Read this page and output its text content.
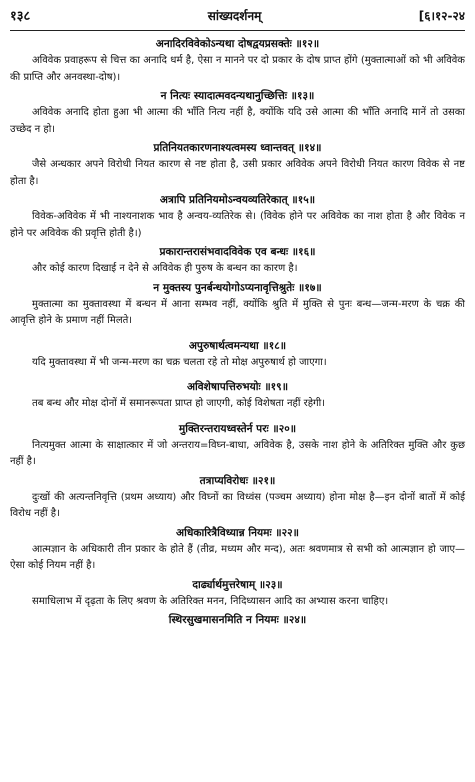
१३८	सांख्यदर्शनम्	[६।१२-२४
अनादिरविवेकोऽन्यथा दोषद्वयप्रसक्तेः ॥१२॥

अविवेक प्रवाहरूप से चित्त का अनादि धर्म है, ऐसा न मानने पर दो प्रकार के दोष प्राप्त होंगे (मुक्तात्माओं को भी अविवेक की प्राप्ति और अनवस्था-दोष)।

न नित्यः स्यादात्मवदन्यथानुच्छित्तिः ॥१३॥

अविवेक अनादि होता हुआ भी आत्मा की भाँति नित्य नहीं है, क्योंकि यदि उसे आत्मा की भाँति अनादि मानें तो उसका उच्छेद न हो।

प्रतिनियतकारणनाश्यत्वमस्य ध्वान्तवत् ॥१४॥

जैसे अन्धकार अपने विरोधी नियत कारण से नष्ट होता है, उसी प्रकार अविवेक अपने विरोधी नियत कारण विवेक से नष्ट होता है।

अत्रापि प्रतिनियमोऽन्वयव्यतिरेकात् ॥१५॥

विवेक-अविवेक में भी नाश्यनाशक भाव है अन्वय-व्यतिरेक से। (विवेक होने पर अविवेक का नाश होता है और विवेक न होने पर अविवेक की प्रवृत्ति होती है।)

प्रकारान्तरासंभवादविवेक एव बन्धः ॥१६॥

और कोई कारण दिखाई न देने से अविवेक ही पुरुष के बन्धन का कारण है।

न मुक्तस्य पुनर्बन्धयोगोऽप्यनावृत्तिश्रुतेः ॥१७॥

मुक्तात्मा का मुक्तावस्था में बन्धन में आना सम्भव नहीं, क्योंकि श्रुति में मुक्ति से पुनः बन्ध—जन्म-मरण के चक्र की आवृत्ति होने के प्रमाण नहीं मिलते।

अपुरुषार्थत्वमन्यथा ॥१८॥

यदि मुक्तावस्था में भी जन्म-मरण का चक्र चलता रहे तो मोक्ष अपुरुषार्थ हो जाएगा।

अविशेषापत्तिरुभयोः ॥१९॥

तब बन्ध और मोक्ष दोनों में समानरूपता प्राप्त हो जाएगी, कोई विशेषता नहीं रहेगी।

मुक्तिरन्तरायध्वस्तेर्न परः ॥२०॥

नित्यमुक्त आत्मा के साक्षात्कार में जो अन्तराय=विघ्न-बाधा, अविवेक है, उसके नाश होने के अतिरिक्त मुक्ति और कुछ नहीं है।

तत्राप्यविरोधः ॥२१॥

दुःखों की अत्यन्तनिवृत्ति (प्रथम अध्याय) और विघ्नों का विध्वंस (पञ्चम अध्याय) होना मोक्ष है—इन दोनों बातों में कोई विरोध नहीं है।

अधिकारित्रैविध्यान्न नियमः ॥२२॥

आत्मज्ञान के अधिकारी तीन प्रकार के होते हैं (तीव्र, मध्यम और मन्द), अतः श्रवणमात्र से सभी को आत्मज्ञान हो जाए—ऐसा कोई नियम नहीं है।

दार्ढ्यार्थमुत्तरेषाम् ॥२३॥

समाधिलाभ में दृढ़ता के लिए श्रवण के अतिरिक्त मनन, निदिध्यासन आदि का अभ्यास करना चाहिए।

स्थिरसुखमासनमिति न नियमः ॥२४॥
